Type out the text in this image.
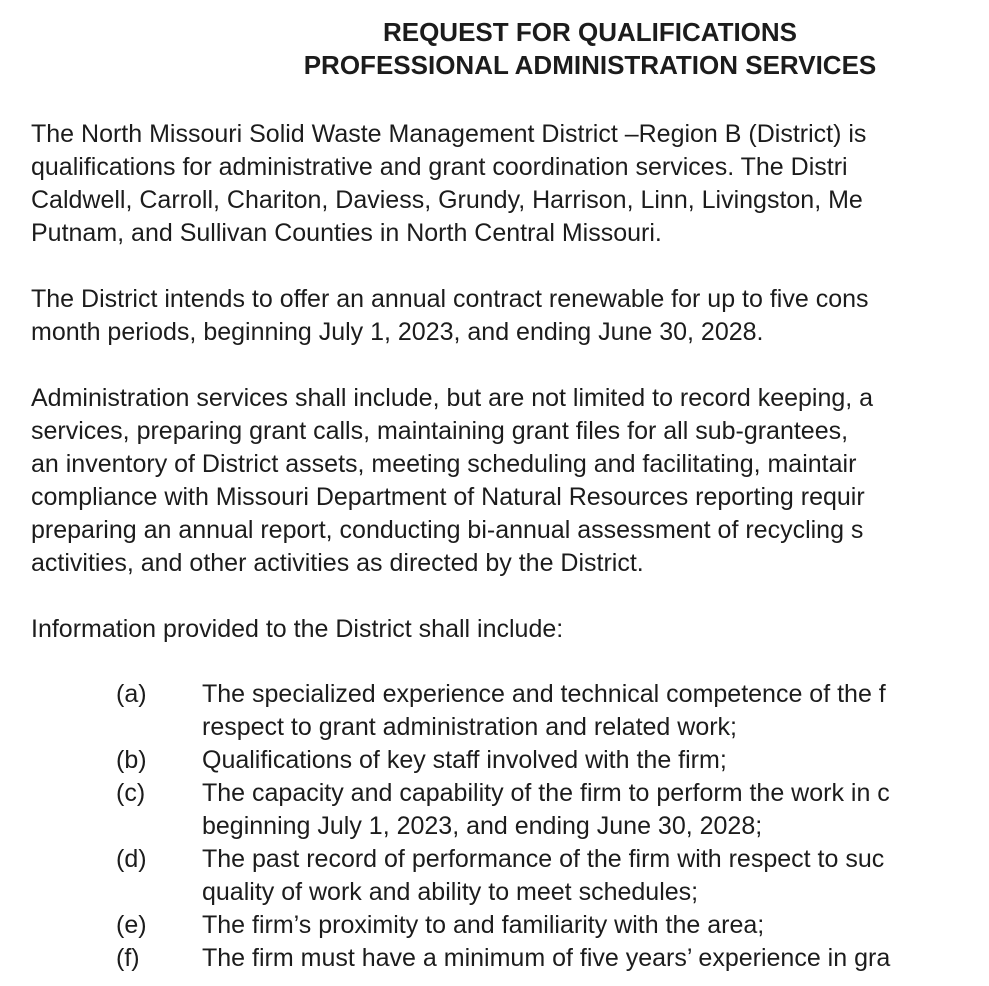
REQUEST FOR QUALIFICATIONS
PROFESSIONAL ADMINISTRATION SERVICES
The North Missouri Solid Waste Management District –Region B (District) is
qualifications for administrative and grant coordination services. The Distri
Caldwell, Carroll, Chariton, Daviess, Grundy, Harrison, Linn, Livingston, Me
Putnam, and Sullivan Counties in North Central Missouri.
The District intends to offer an annual contract renewable for up to five cons
month periods, beginning July 1, 2023, and ending June 30, 2028.
Administration services shall include, but are not limited to record keeping, a
services, preparing grant calls, maintaining grant files for all sub-grantees,
an inventory of District assets, meeting scheduling and facilitating, maintair
compliance with Missouri Department of Natural Resources reporting requir
preparing an annual report, conducting bi-annual assessment of recycling s
activities, and other activities as directed by the District.
Information provided to the District shall include:
(a) The specialized experience and technical competence of the f
respect to grant administration and related work;
(b) Qualifications of key staff involved with the firm;
(c) The capacity and capability of the firm to perform the work in c
beginning July 1, 2023, and ending June 30, 2028;
(d) The past record of performance of the firm with respect to suc
quality of work and ability to meet schedules;
(e) The firm’s proximity to and familiarity with the area;
(f) The firm must have a minimum of five years’ experience in gra
